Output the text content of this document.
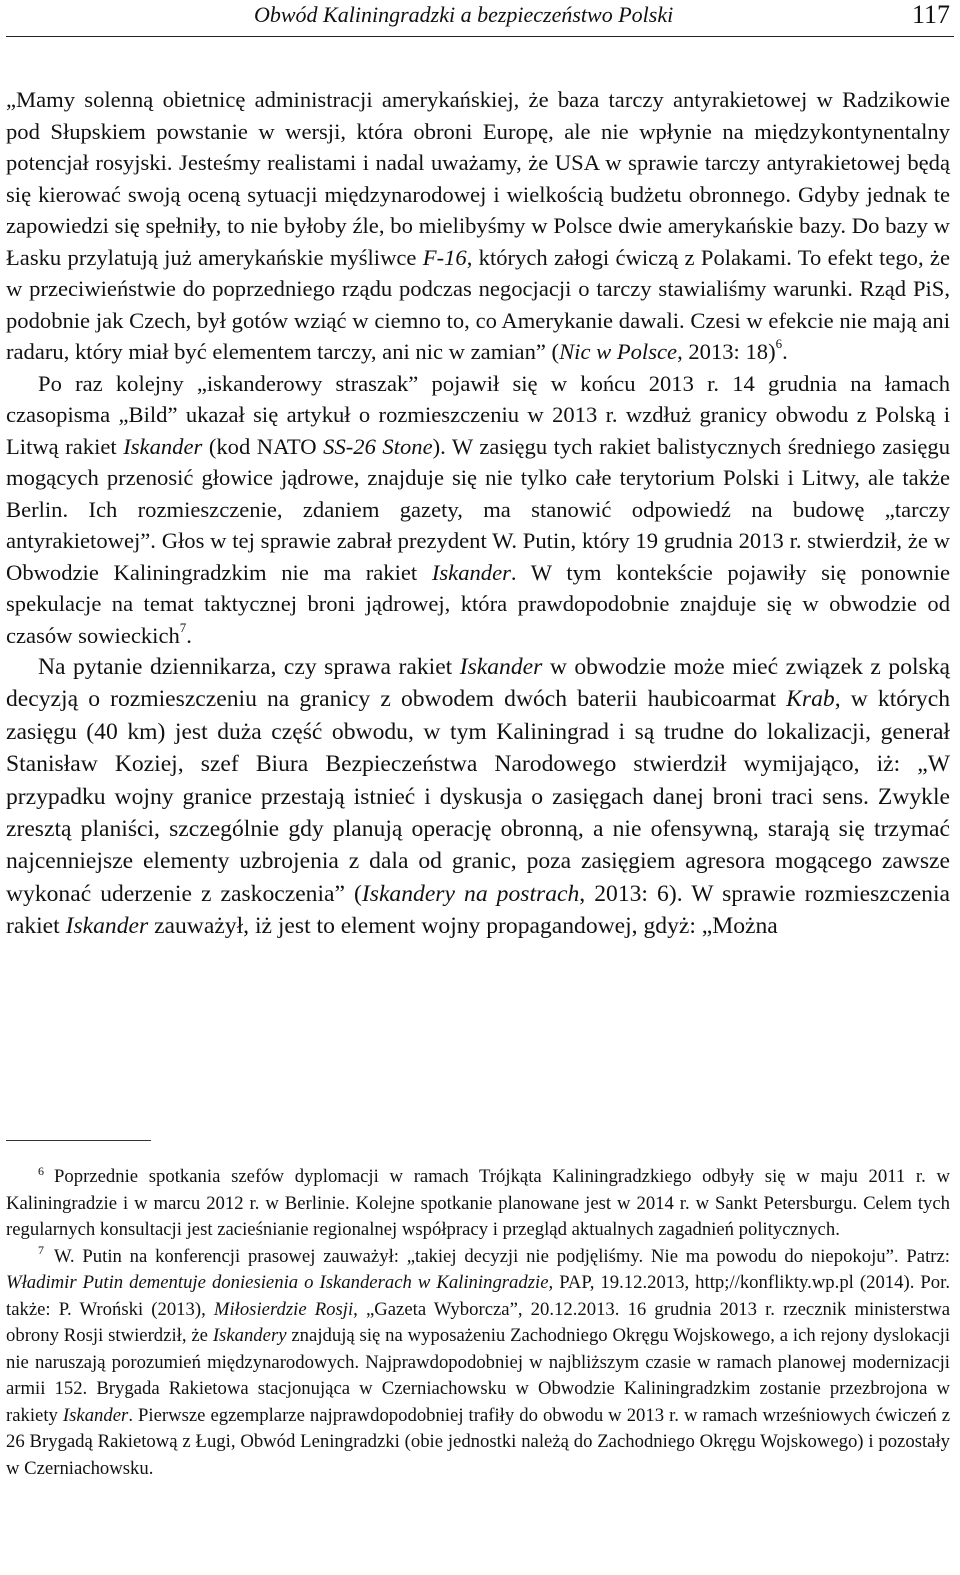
Obwód Kaliningradzki a bezpieczeństwo Polski	117

„Mamy solenną obietnicę administracji amerykańskiej, że baza tarczy antyrakietowej w Radzikowie pod Słupskiem powstanie w wersji, która obroni Europę, ale nie wpłynie na międzykontynentalny potencjał rosyjski. Jesteśmy realistami i nadal uważamy, że USA w sprawie tarczy antyrakietowej będą się kierować swoją oceną sytuacji międzynarodowej i wielkością budżetu obronnego. Gdyby jednak te zapowiedzi się spełniły, to nie byłoby źle, bo mielibyśmy w Polsce dwie amerykańskie bazy. Do bazy w Łasku przylatują już amerykańskie myśliwce F-16, których załogi ćwiczą z Polakami. To efekt tego, że w przeciwieństwie do poprzedniego rządu podczas negocjacji o tarczy stawialiśmy warunki. Rząd PiS, podobnie jak Czech, był gotów wziąć w ciemno to, co Amerykanie dawali. Czesi w efekcie nie mają ani radaru, który miał być elementem tarczy, ani nic w zamian” (Nic w Polsce, 2013: 18)$^6$.

Po raz kolejny „iskanderowy straszak” pojawił się w końcu 2013 r. 14 grudnia na łamach czasopisma „Bild” ukazał się artykuł o rozmieszczeniu w 2013 r. wzdłuż granicy obwodu z Polską i Litwą rakiet Iskander (kod NATO SS-26 Stone). W zasięgu tych rakiet balistycznych średniego zasięgu mogących przenosić głowice jądrowe, znajduje się nie tylko całe terytorium Polski i Litwy, ale także Berlin. Ich rozmieszczenie, zdaniem gazety, ma stanowić odpowiedź na budowę „tarczy antyrakietowej”. Głos w tej sprawie zabrał prezydent W. Putin, który 19 grudnia 2013 r. stwierdził, że w Obwodzie Kaliningradzkim nie ma rakiet Iskander. W tym kontekście pojawiły się ponownie spekulacje na temat taktycznej broni jądrowej, która prawdopodobnie znajduje się w obwodzie od czasów sowieckich$^7$.

Na pytanie dziennikarza, czy sprawa rakiet Iskander w obwodzie może mieć związek z polską decyzją o rozmieszczeniu na granicy z obwodem dwóch baterii haubicoarmat Krab, w których zasięgu (40 km) jest duża część obwodu, w tym Kaliningrad i są trudne do lokalizacji, generał Stanisław Koziej, szef Biura Bezpieczeństwa Narodowego stwierdził wymijająco, iż: „W przypadku wojny granice przestają istnieć i dyskusja o zasięgach danej broni traci sens. Zwykle zresztą planiści, szczególnie gdy planują operację obronną, a nie ofensywną, starają się trzymać najcenniejsze elementy uzbrojenia z dala od granic, poza zasięgiem agresora mogącego zawsze wykonać uderzenie z zaskoczenia” (Iskandery na postrach, 2013: 6). W sprawie rozmieszczenia rakiet Iskander zauważył, iż jest to element wojny propagandowej, gdyż: „Można

$^6$ Poprzednie spotkania szefów dyplomacji w ramach Trójkąta Kaliningradzkiego odbyły się w maju 2011 r. w Kaliningradzie i w marcu 2012 r. w Berlinie. Kolejne spotkanie planowane jest w 2014 r. w Sankt Petersburgu. Celem tych regularnych konsultacji jest zacieśnianie regionalnej współpracy i przegląd aktualnych zagadnień politycznych.

$^7$ W. Putin na konferencji prasowej zauważył: „takiej decyzji nie podjęliśmy. Nie ma powodu do niepokoju”. Patrz: Władimir Putin dementuje doniesienia o Iskanderach w Kaliningradzie, PAP, 19.12.2013, http;//konflikty.wp.pl (2014). Por. także: P. Wroński (2013), Miłosierdzie Rosji, „Gazeta Wyborcza”, 20.12.2013. 16 grudnia 2013 r. rzecznik ministerstwa obrony Rosji stwierdził, że Iskandery znajdują się na wyposażeniu Zachodniego Okręgu Wojskowego, a ich rejony dyslokacji nie naruszają porozumień międzynarodowych. Najprawdopodobniej w najbliższym czasie w ramach planowej modernizacji armii 152. Brygada Rakietowa stacjonująca w Czerniachowsku w Obwodzie Kaliningradzkim zostanie przezbrojona w rakiety Iskander. Pierwsze egzemplarze najprawdopodobniej trafiły do obwodu w 2013 r. w ramach wrześniowych ćwiczeń z 26 Brygadą Rakietową z Ługi, Obwód Leningradzki (obie jednostki należą do Zachodniego Okręgu Wojskowego) i pozostały w Czerniachowsku.
